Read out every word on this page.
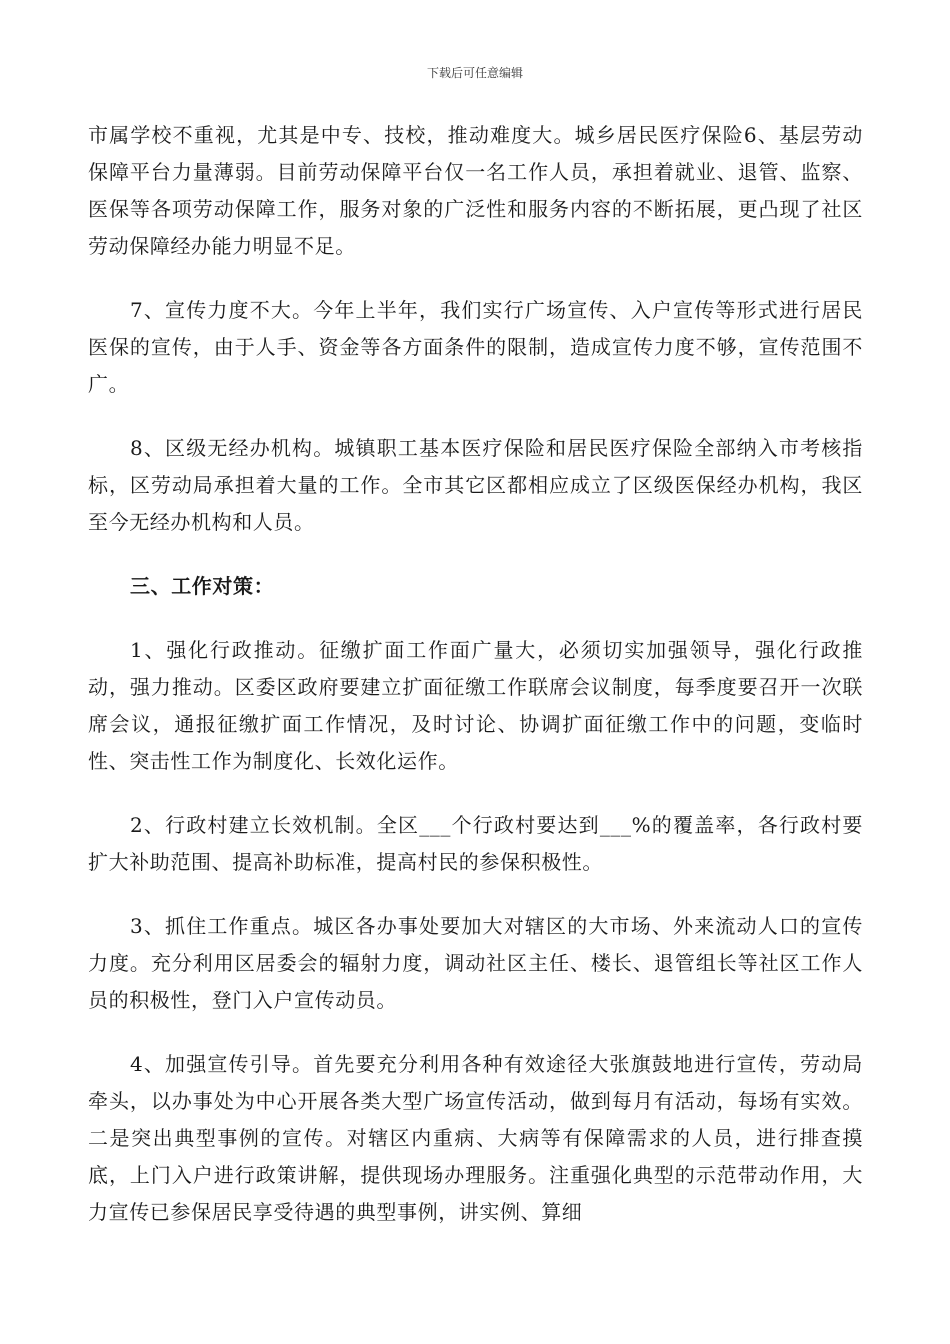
下载后可任意编辑

市属学校不重视，尤其是中专、技校，推动难度大。城乡居民医疗保险6、基层劳动保障平台力量薄弱。目前劳动保障平台仅一名工作人员，承担着就业、退管、监察、医保等各项劳动保障工作，服务对象的广泛性和服务内容的不断拓展，更凸现了社区劳动保障经办能力明显不足。

7、宣传力度不大。今年上半年，我们实行广场宣传、入户宣传等形式进行居民医保的宣传，由于人手、资金等各方面条件的限制，造成宣传力度不够，宣传范围不广。

8、区级无经办机构。城镇职工基本医疗保险和居民医疗保险全部纳入市考核指标，区劳动局承担着大量的工作。全市其它区都相应成立了区级医保经办机构，我区至今无经办机构和人员。

三、工作对策：

1、强化行政推动。征缴扩面工作面广量大，必须切实加强领导，强化行政推动，强力推动。区委区政府要建立扩面征缴工作联席会议制度，每季度要召开一次联席会议，通报征缴扩面工作情况，及时讨论、协调扩面征缴工作中的问题，变临时性、突击性工作为制度化、长效化运作。

2、行政村建立长效机制。全区___个行政村要达到___%的覆盖率，各行政村要扩大补助范围、提高补助标准，提高村民的参保积极性。

3、抓住工作重点。城区各办事处要加大对辖区的大市场、外来流动人口的宣传力度。充分利用区居委会的辐射力度，调动社区主任、楼长、退管组长等社区工作人员的积极性，登门入户宣传动员。

4、加强宣传引导。首先要充分利用各种有效途径大张旗鼓地进行宣传，劳动局牵头，以办事处为中心开展各类大型广场宣传活动，做到每月有活动，每场有实效。二是突出典型事例的宣传。对辖区内重病、大病等有保障需求的人员，进行排查摸底，上门入户进行政策讲解，提供现场办理服务。注重强化典型的示范带动作用，大力宣传已参保居民享受待遇的典型事例，讲实例、算细
